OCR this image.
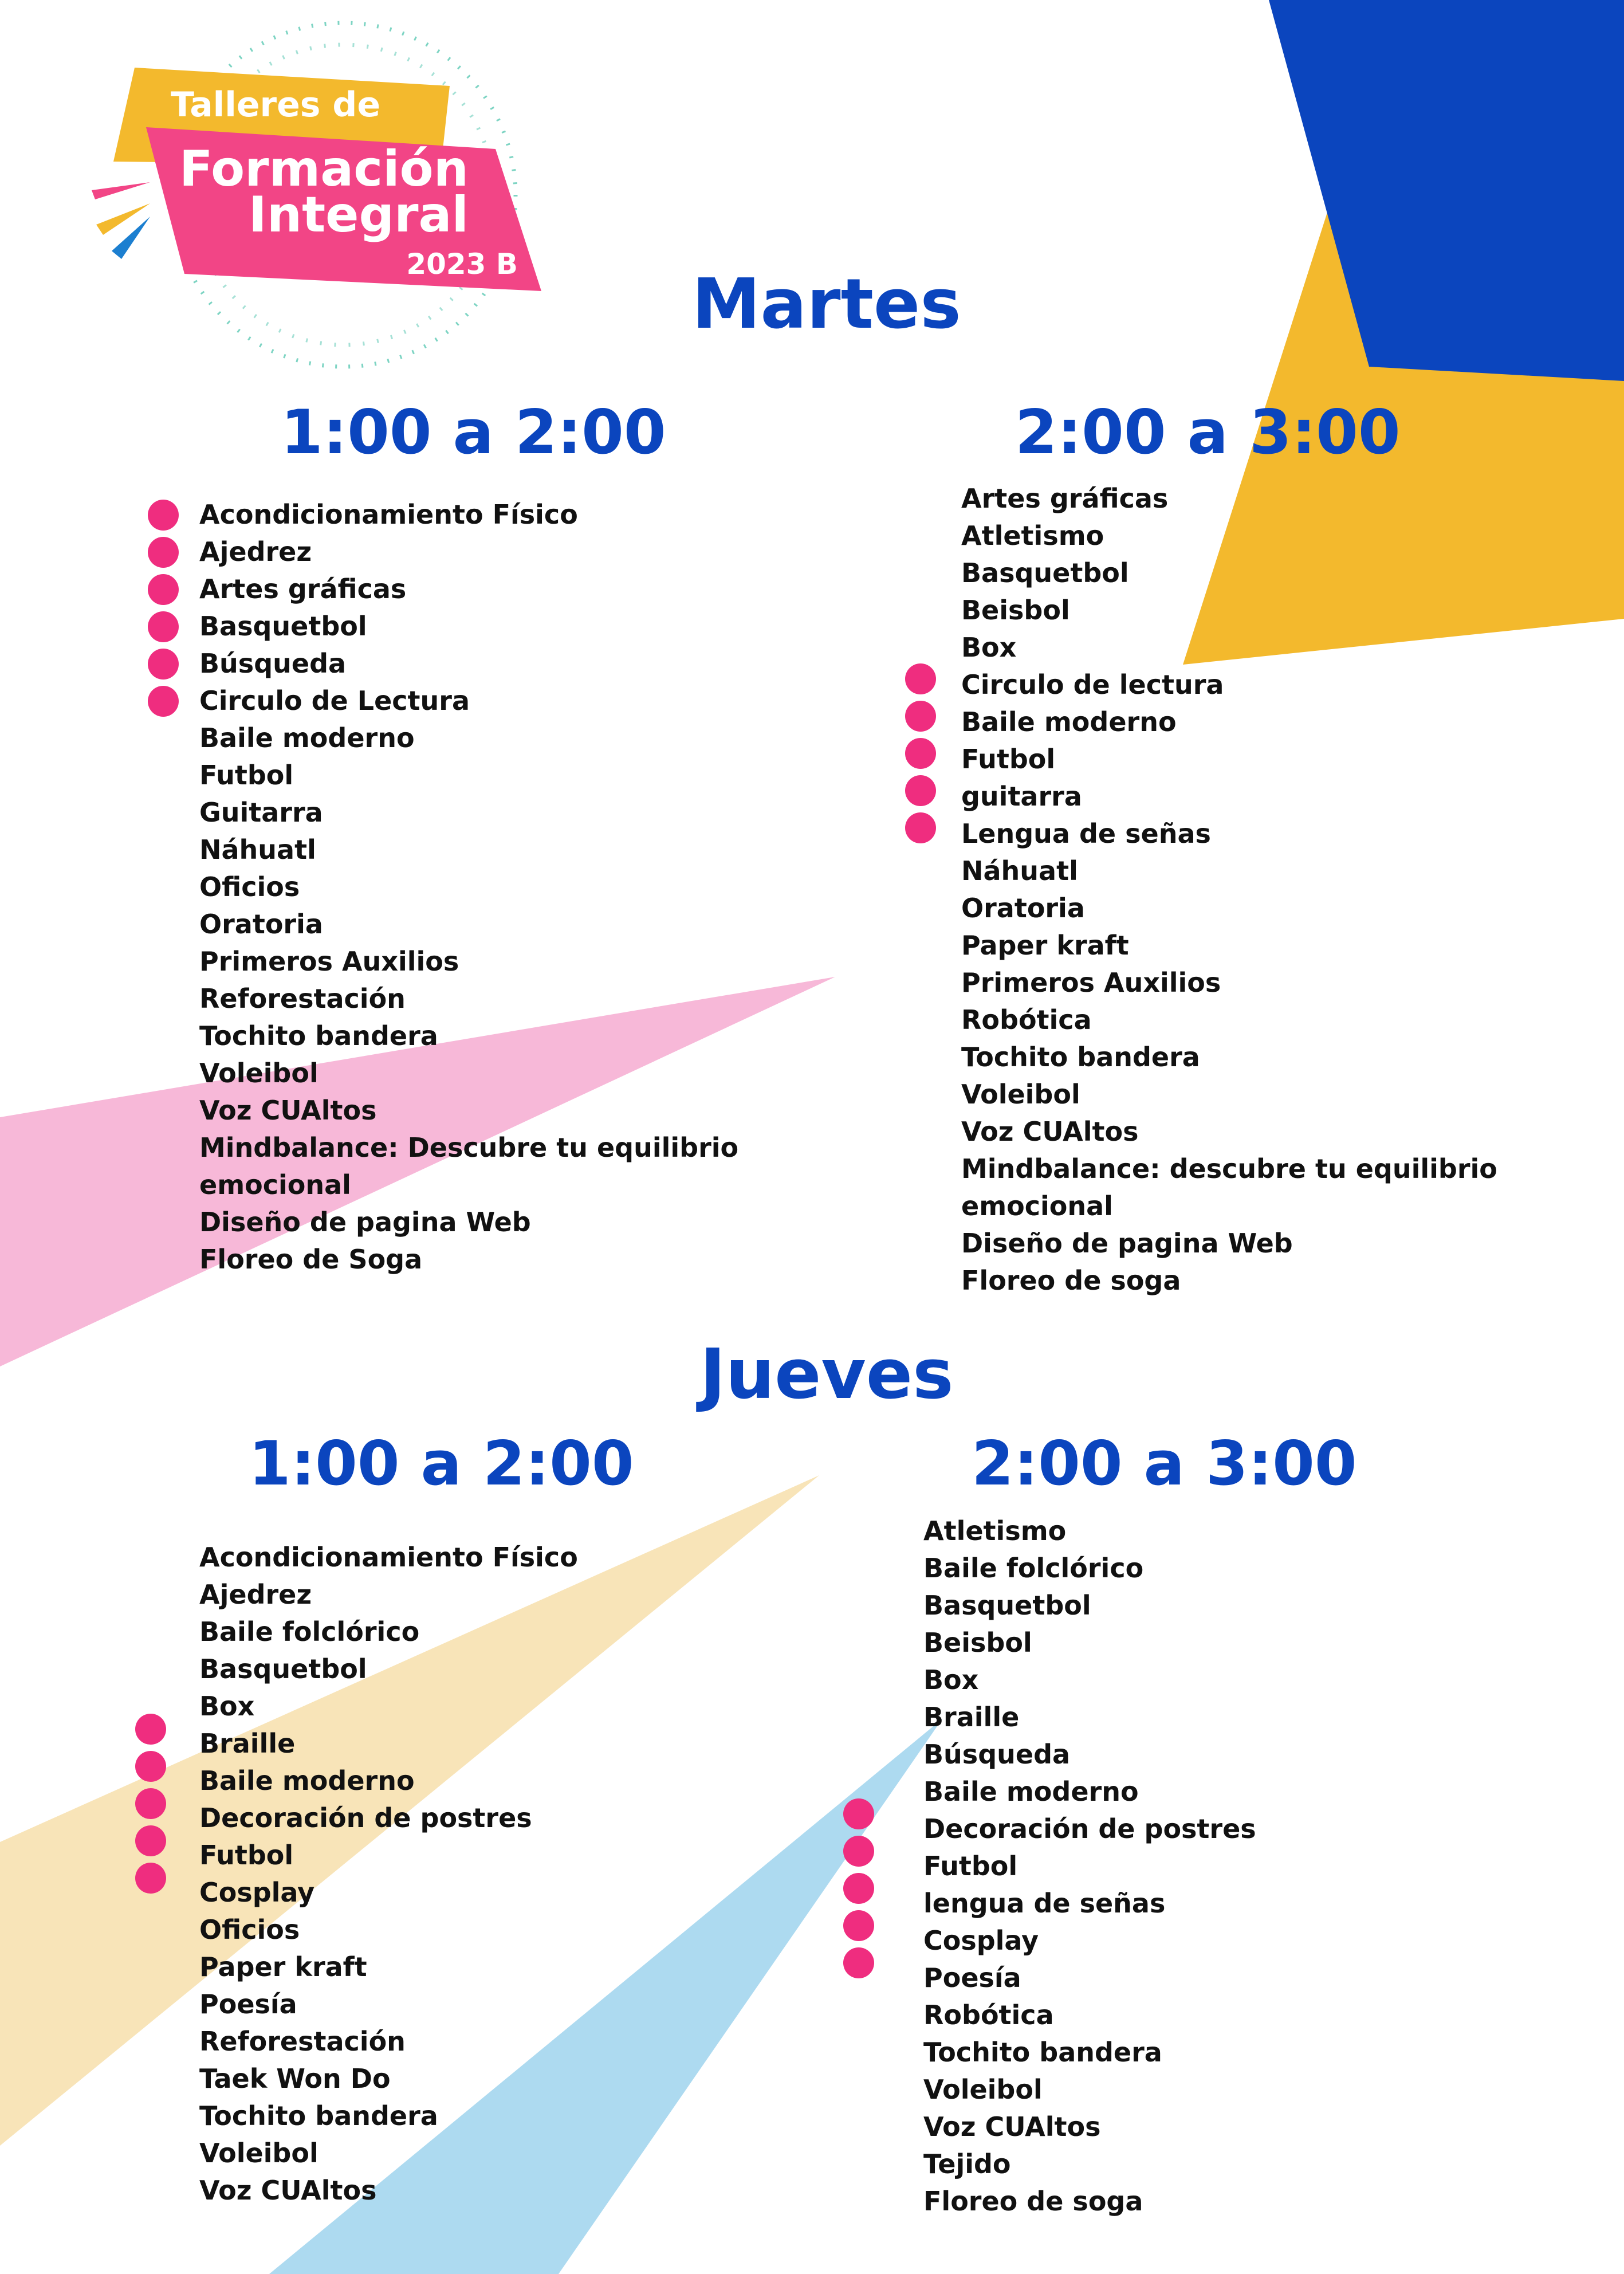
Talleres de
Formación
Integral
2023 B
Martes
1:00 a 2:00
Acondicionamiento Físico
Ajedrez
Artes gráficas
Basquetbol
Búsqueda
Circulo de Lectura
Baile moderno
Futbol
Guitarra
Náhuatl
Oficios
Oratoria
Primeros Auxilios
Reforestación
Tochito bandera
Voleibol
Voz CUAltos
Mindbalance: Descubre tu equilibrio
emocional
Diseño de pagina Web
Floreo de Soga
2:00 a 3:00
Artes gráficas
Atletismo
Basquetbol
Beisbol
Box
Circulo de lectura
Baile moderno
Futbol
guitarra
Lengua de señas
Náhuatl
Oratoria
Paper kraft
Primeros Auxilios
Robótica
Tochito bandera
Voleibol
Voz CUAltos
Mindbalance: descubre tu equilibrio
emocional
Diseño de pagina Web
Floreo de soga
Jueves
1:00 a 2:00
Acondicionamiento Físico
Ajedrez
Baile folclórico
Basquetbol
Box
Braille
Baile moderno
Decoración de postres
Futbol
Cosplay
Oficios
Paper kraft
Poesía
Reforestación
Taek Won Do
Tochito bandera
Voleibol
Voz CUAltos
2:00 a 3:00
Atletismo
Baile folclórico
Basquetbol
Beisbol
Box
Braille
Búsqueda
Baile moderno
Decoración de postres
Futbol
lengua de señas
Cosplay
Poesía
Robótica
Tochito bandera
Voleibol
Voz CUAltos
Tejido
Floreo de soga
